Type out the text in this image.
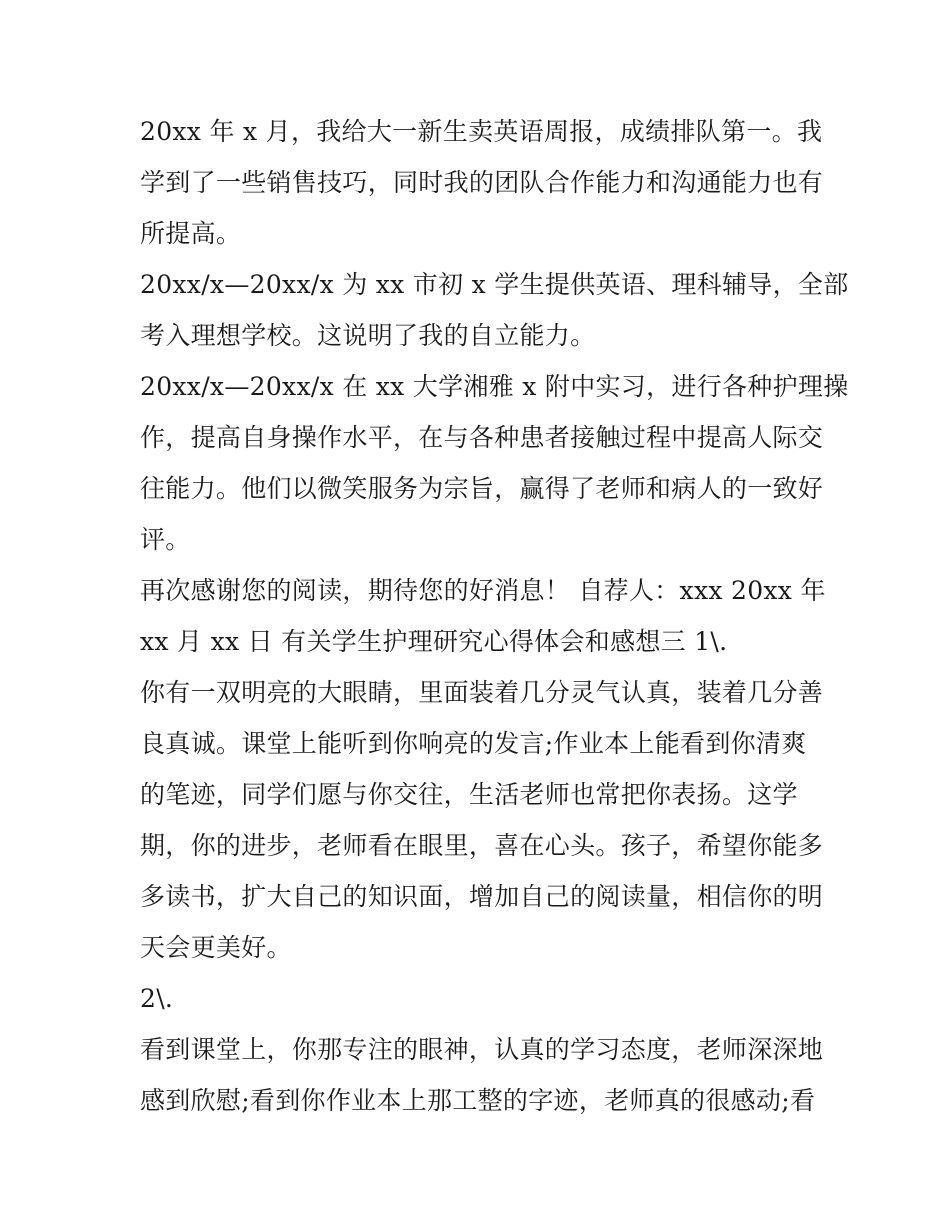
20xx 年 x 月，我给大一新生卖英语周报，成绩排队第一。我
学到了一些销售技巧，同时我的团队合作能力和沟通能力也有
所提高。
20xx/x—20xx/x 为 xx 市初 x 学生提供英语、理科辅导，全部
考入理想学校。这说明了我的自立能力。
20xx/x—20xx/x 在 xx 大学湘雅 x 附中实习，进行各种护理操
作，提高自身操作水平，在与各种患者接触过程中提高人际交
往能力。他们以微笑服务为宗旨，赢得了老师和病人的一致好
评。
再次感谢您的阅读，期待您的好消息！ 自荐人：xxx 20xx 年
xx 月 xx 日 有关学生护理研究心得体会和感想三 1\.
你有一双明亮的大眼睛，里面装着几分灵气认真，装着几分善
良真诚。课堂上能听到你响亮的发言;作业本上能看到你清爽
的笔迹，同学们愿与你交往，生活老师也常把你表扬。这学
期，你的进步，老师看在眼里，喜在心头。孩子，希望你能多
多读书，扩大自己的知识面，增加自己的阅读量，相信你的明
天会更美好。
2\.
看到课堂上，你那专注的眼神，认真的学习态度，老师深深地
感到欣慰;看到你作业本上那工整的字迹，老师真的很感动;看
